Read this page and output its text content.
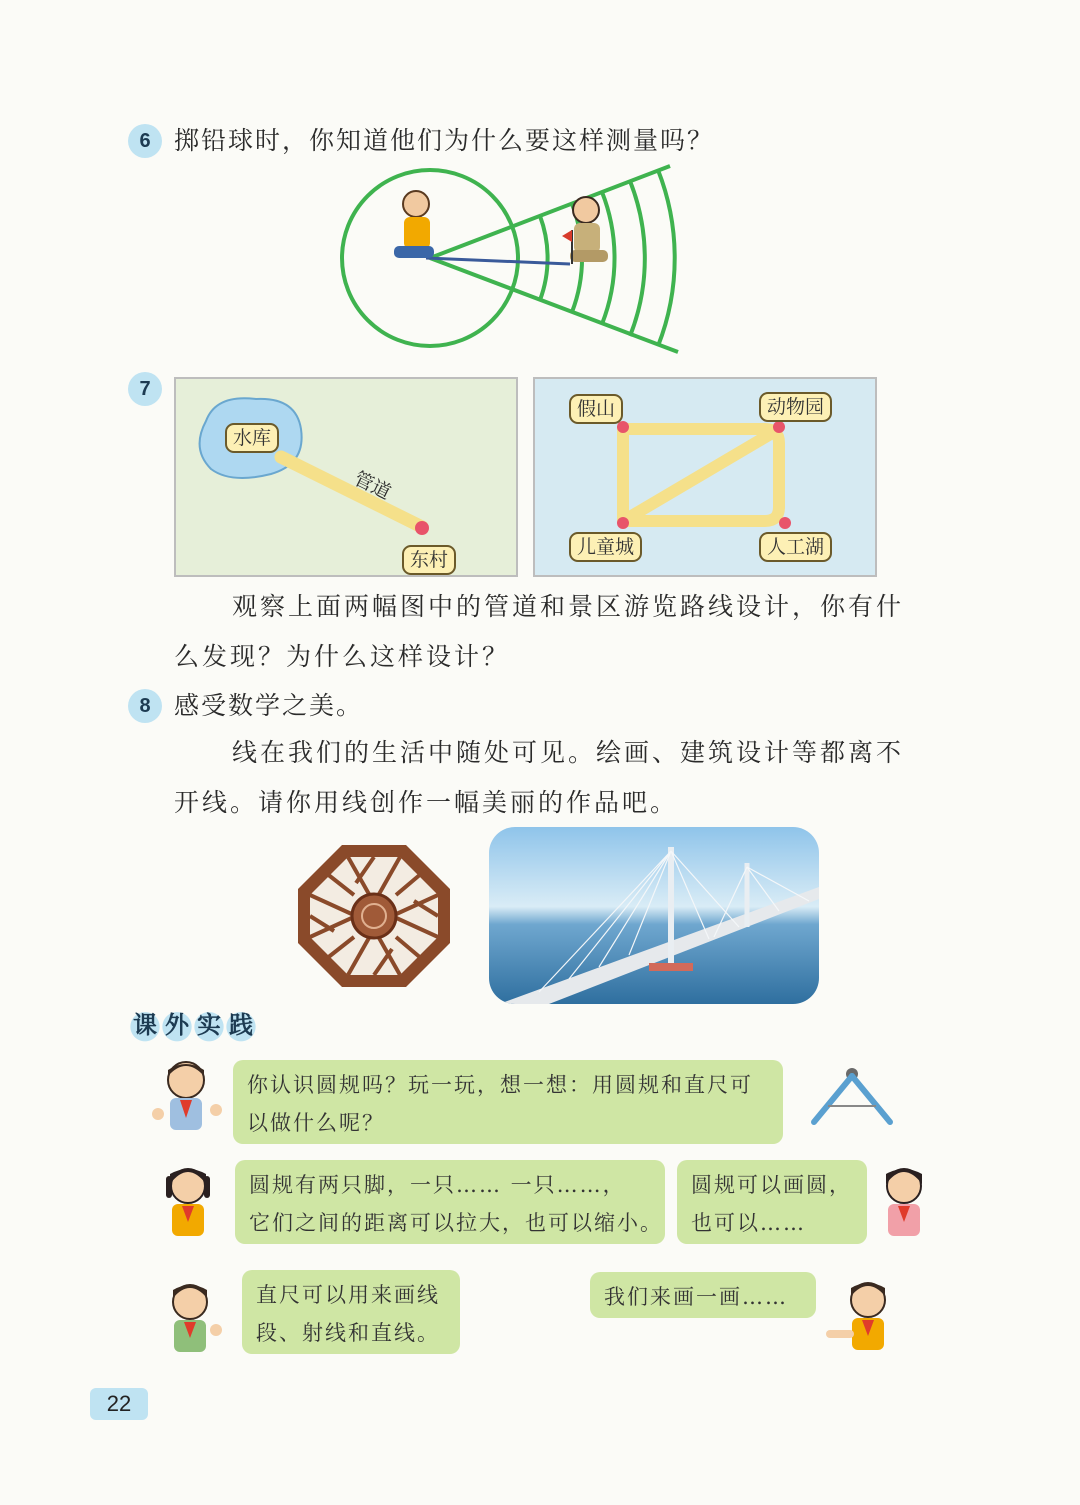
6 掷铅球时，你知道他们为什么要这样测量吗？
7
水库
管道
东村
假山	动物园
儿童城	人工湖
观察上面两幅图中的管道和景区游览路线设计，你有什
么发现？为什么这样设计？
8 感受数学之美。
线在我们的生活中随处可见。绘画、建筑设计等都离不
开线。请你用线创作一幅美丽的作品吧。
课 外 实 践
你认识圆规吗？玩一玩，想一想：用圆规和直尺可
以做什么呢？
圆规有两只脚，一只…… 一只……，
它们之间的距离可以拉大，也可以缩小。
圆规可以画圆，
也可以……
直尺可以用来画线
段、射线和直线。
我们来画一画……
22
